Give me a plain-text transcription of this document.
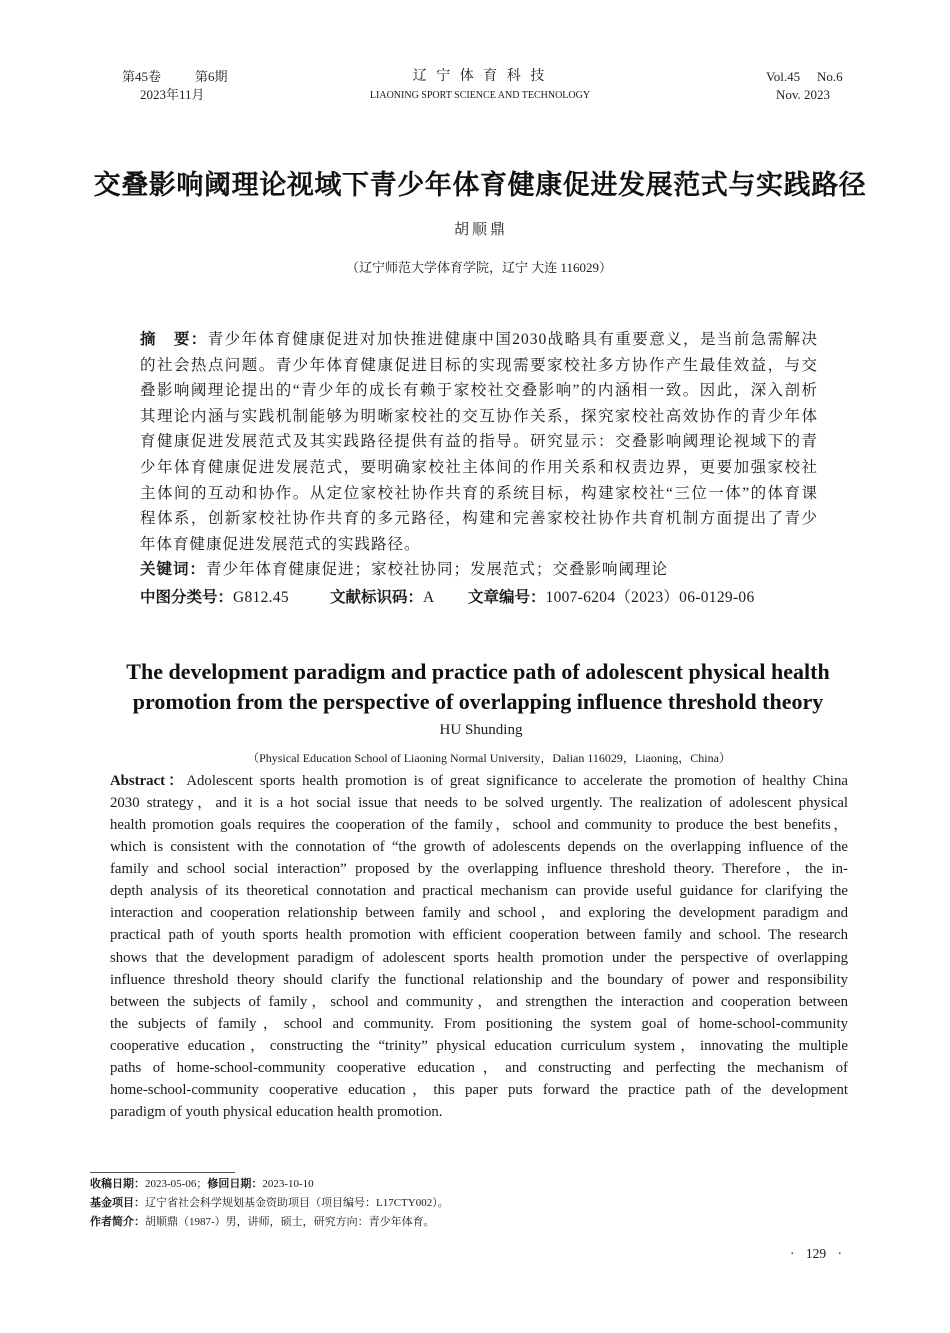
第45卷	第6期
2023年11月
辽 宁 体 育 科 技
LIAONING SPORT SCIENCE AND TECHNOLOGY
Vol.45 No.6
Nov. 2023
交叠影响阈理论视域下青少年体育健康促进发展范式与实践路径
胡顺鼎
（辽宁师范大学体育学院，辽宁 大连 116029）
摘　要：青少年体育健康促进对加快推进健康中国2030战略具有重要意义，是当前急需解决
的社会热点问题。青少年体育健康促进目标的实现需要家校社多方协作产生最佳效益，与交
叠影响阈理论提出的“青少年的成长有赖于家校社交叠影响”的内涵相一致。因此，深入剖析
其理论内涵与实践机制能够为明晰家校社的交互协作关系，探究家校社高效协作的青少年体
育健康促进发展范式及其实践路径提供有益的指导。研究显示：交叠影响阈理论视域下的青
少年体育健康促进发展范式，要明确家校社主体间的作用关系和权责边界，更要加强家校社
主体间的互动和协作。从定位家校社协作共育的系统目标，构建家校社“三位一体”的体育课
程体系，创新家校社协作共育的多元路径，构建和完善家校社协作共育机制方面提出了青少
年体育健康促进发展范式的实践路径。
关键词：青少年体育健康促进；家校社协同；发展范式；交叠影响阈理论
中图分类号：G812.45	文献标识码：A 文章编号：1007-6204（2023）06-0129-06
The development paradigm and practice path of adolescent physical health
promotion from the perspective of overlapping influence threshold theory
HU Shunding
（Physical Education School of Liaoning Normal University，Dalian 116029，Liaoning，China）
Abstract：Adolescent sports health promotion is of great significance to accelerate the promotion of healthy China
2030 strategy，and it is a hot social issue that needs to be solved urgently. The realization of adolescent physical
health promotion goals requires the cooperation of the family，school and community to produce the best benefits，
which is consistent with the connotation of “the growth of adolescents depends on the overlapping influence of the
family and school social interaction” proposed by the overlapping influence threshold theory. Therefore，the in-
depth analysis of its theoretical connotation and practical mechanism can provide useful guidance for clarifying the
interaction and cooperation relationship between family and school，and exploring the development paradigm and
practical path of youth sports health promotion with efficient cooperation between family and school. The research
shows that the development paradigm of adolescent sports health promotion under the perspective of overlapping
influence threshold theory should clarify the functional relationship and the boundary of power and responsibility
between the subjects of family，school and community，and strengthen the interaction and cooperation between
the subjects of family，school and community. From positioning the system goal of home-school-community
cooperative education，constructing the “trinity” physical education curriculum system，innovating the multiple
paths of home-school-community cooperative education，and constructing and perfecting the mechanism of
home-school-community cooperative education，this paper puts forward the practice path of the development
paradigm of youth physical education health promotion.
收稿日期：2023-05-06；修回日期：2023-10-10
基金项目：辽宁省社会科学规划基金资助项目（项目编号：L17CTY002）。
作者简介：胡顺鼎（1987-）男，讲师，硕士，研究方向：青少年体育。
· 129 ·
